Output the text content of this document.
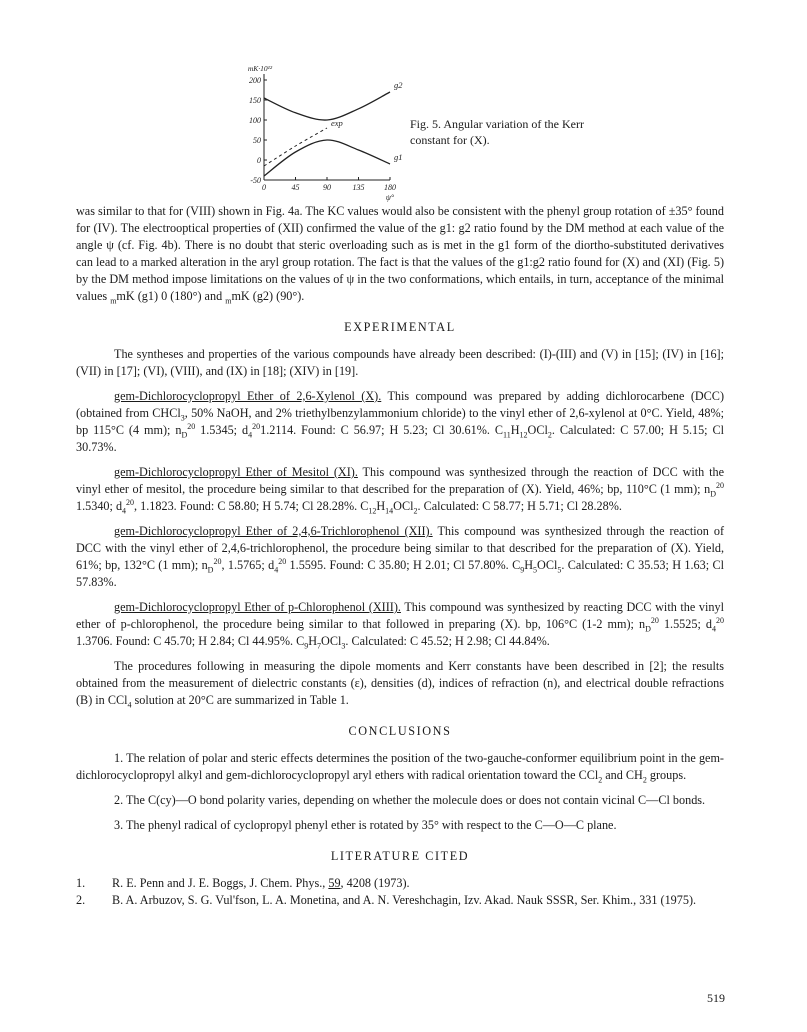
-50
0
50
100
150
200
0	45	90	135 180
mK·10¹²
ψ°
g2
exp
g1
Fig. 5. Angular variation of the Kerr constant for (X).

was similar to that for (VIII) shown in Fig. 4a. The KC values would also be consistent with the phenyl group rotation of ±35° found for (IV). The electrooptical properties of (XII) confirmed the value of the g1: g2 ratio found by the DM method at each value of the angle ψ (cf. Fig. 4b). There is no doubt that steric overloading such as is met in the g1 form of the diortho-substituted derivatives can lead to a marked alteration in the aryl group rotation. The fact is that the values of the g1:g2 ratio found for (X) and (XI) (Fig. 5) by the DM method impose limitations on the values of ψ in the two conformations, which entails, in turn, acceptance of the minimal values $_m$mK (g1) 0 (180°) and $_m$mK (g2) (90°).

EXPERIMENTAL

The syntheses and properties of the various compounds have already been described: (I)-(III) and (V) in [15]; (IV) in [16]; (VII) in [17]; (VI), (VIII), and (IX) in [18]; (XIV) in [19].

gem-Dichlorocyclopropyl Ether of 2,6-Xylenol (X). This compound was prepared by adding dichlorocarbene (DCC) (obtained from CHCl$_3$, 50% NaOH, and 2% triethylbenzylammonium chloride) to the vinyl ether of 2,6-xylenol at 0°C. Yield, 48%; bp 115°C (4 mm); $n_D^{20}$ 1.5345; $d_4^{20}1.2114$. Found: C 56.97; H 5.23; Cl 30.61%. $C_{11}H_{12}OCl_2$. Calculated: C 57.00; H 5.15; Cl 30.73%.

gem-Dichlorocyclopropyl Ether of Mesitol (XI). This compound was synthesized through the reaction of DCC with the vinyl ether of mesitol, the procedure being similar to that described for the preparation of (X). Yield, 46%; bp, 110°C (1 mm); $n_D^{20}$ 1.5340; $d_4^{20}$, 1.1823. Found: C 58.80; H 5.74; Cl 28.28%. $C_{12}H_{14}OCl_2$. Calculated: C 58.77; H 5.71; Cl 28.28%.

gem-Dichlorocyclopropyl Ether of 2,4,6-Trichlorophenol (XII). This compound was synthesized through the reaction of DCC with the vinyl ether of 2,4,6-trichlorophenol, the procedure being similar to that described for the preparation of (X). Yield, 61%; bp, 132°C (1 mm); $n_D^{20}$, 1.5765; $d_4^{20}$ 1.5595. Found: C 35.80; H 2.01; Cl 57.80%. $C_9H_5OCl_5$. Calculated: C 35.53; H 1.63; Cl 57.83%.

gem-Dichlorocyclopropyl Ether of p-Chlorophenol (XIII). This compound was synthesized by reacting DCC with the vinyl ether of p-chlorophenol, the procedure being similar to that followed in preparing (X). bp, 106°C (1-2 mm); $n_D^{20}$ 1.5525; $d_4^{20}$ 1.3706. Found: C 45.70; H 2.84; Cl 44.95%. $C_9H_7OCl_3$. Calculated: C 45.52; H 2.98; Cl 44.84%.

The procedures following in measuring the dipole moments and Kerr constants have been described in [2]; the results obtained from the measurement of dielectric constants (ε), densities (d), indices of refraction (n), and electrical double refractions (B) in CCl$_4$ solution at 20°C are summarized in Table 1.

CONCLUSIONS

1. The relation of polar and steric effects determines the position of the two-gauche-conformer equilibrium point in the gem-dichlorocyclopropyl alkyl and gem-dichlorocyclopropyl aryl ethers with radical orientation toward the CCl$_2$ and $CH_2$ groups.

2. The C(cy)—O bond polarity varies, depending on whether the molecule does or does not contain vicinal C—Cl bonds.

3. The phenyl radical of cyclopropyl phenyl ether is rotated by 35° with respect to the C—O—C plane.

LITERATURE CITED
1.	R. E. Penn and J. E. Boggs, J. Chem. Phys., 59, 4208 (1973).
2.	B. A. Arbuzov, S. G. Vul'fson, L. A. Monetina, and A. N. Vereshchagin, Izv. Akad. Nauk SSSR, Ser. Khim., 331 (1975).
519
